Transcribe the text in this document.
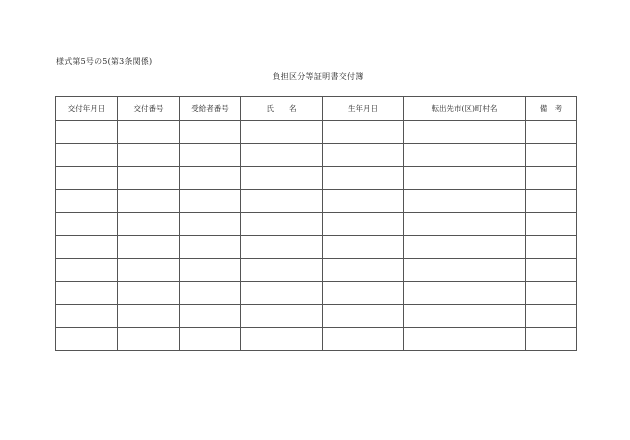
様式第5号の5(第3条関係)
負担区分等証明書交付簿
交付年月日	交付番号	受給者番号	氏　　名	生年月日	転出先市(区)町村名	備　考
